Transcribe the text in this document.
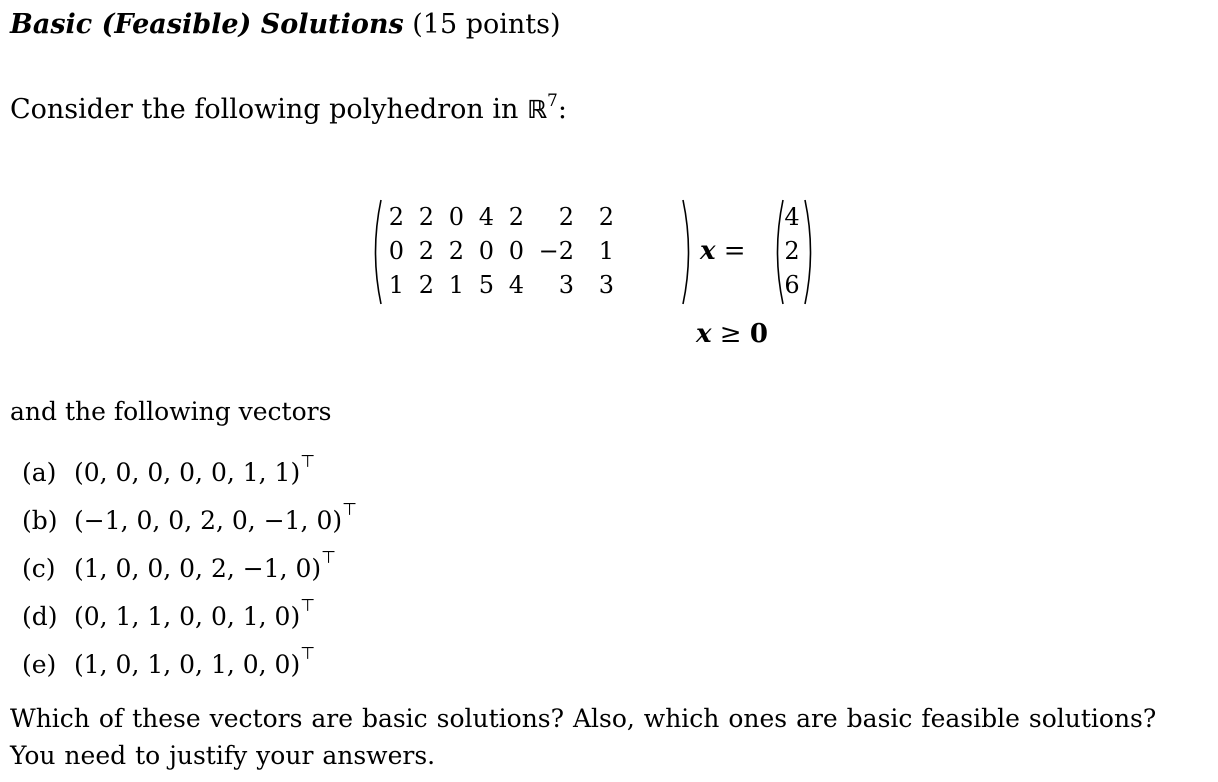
Basic (Feasible) Solutions (15 points)
Consider the following polyhedron in ℝ$^7$:
2	2	0	4	2	2	2
0	2	2	0	0	−2	1
1	2	1	5	4	3	3
x =
4
2
6
x ≥ 0
and the following vectors
(a) (0, 0, 0, 0, 0, 1, 1)⊤
(b) (−1, 0, 0, 2, 0, −1, 0)⊤
(c) (1, 0, 0, 0, 2, −1, 0)⊤
(d) (0, 1, 1, 0, 0, 1, 0)⊤
(e) (1, 0, 1, 0, 1, 0, 0)⊤

Which of these vectors are basic solutions? Also, which ones are basic feasible solutions?

You need to justify your answers.
